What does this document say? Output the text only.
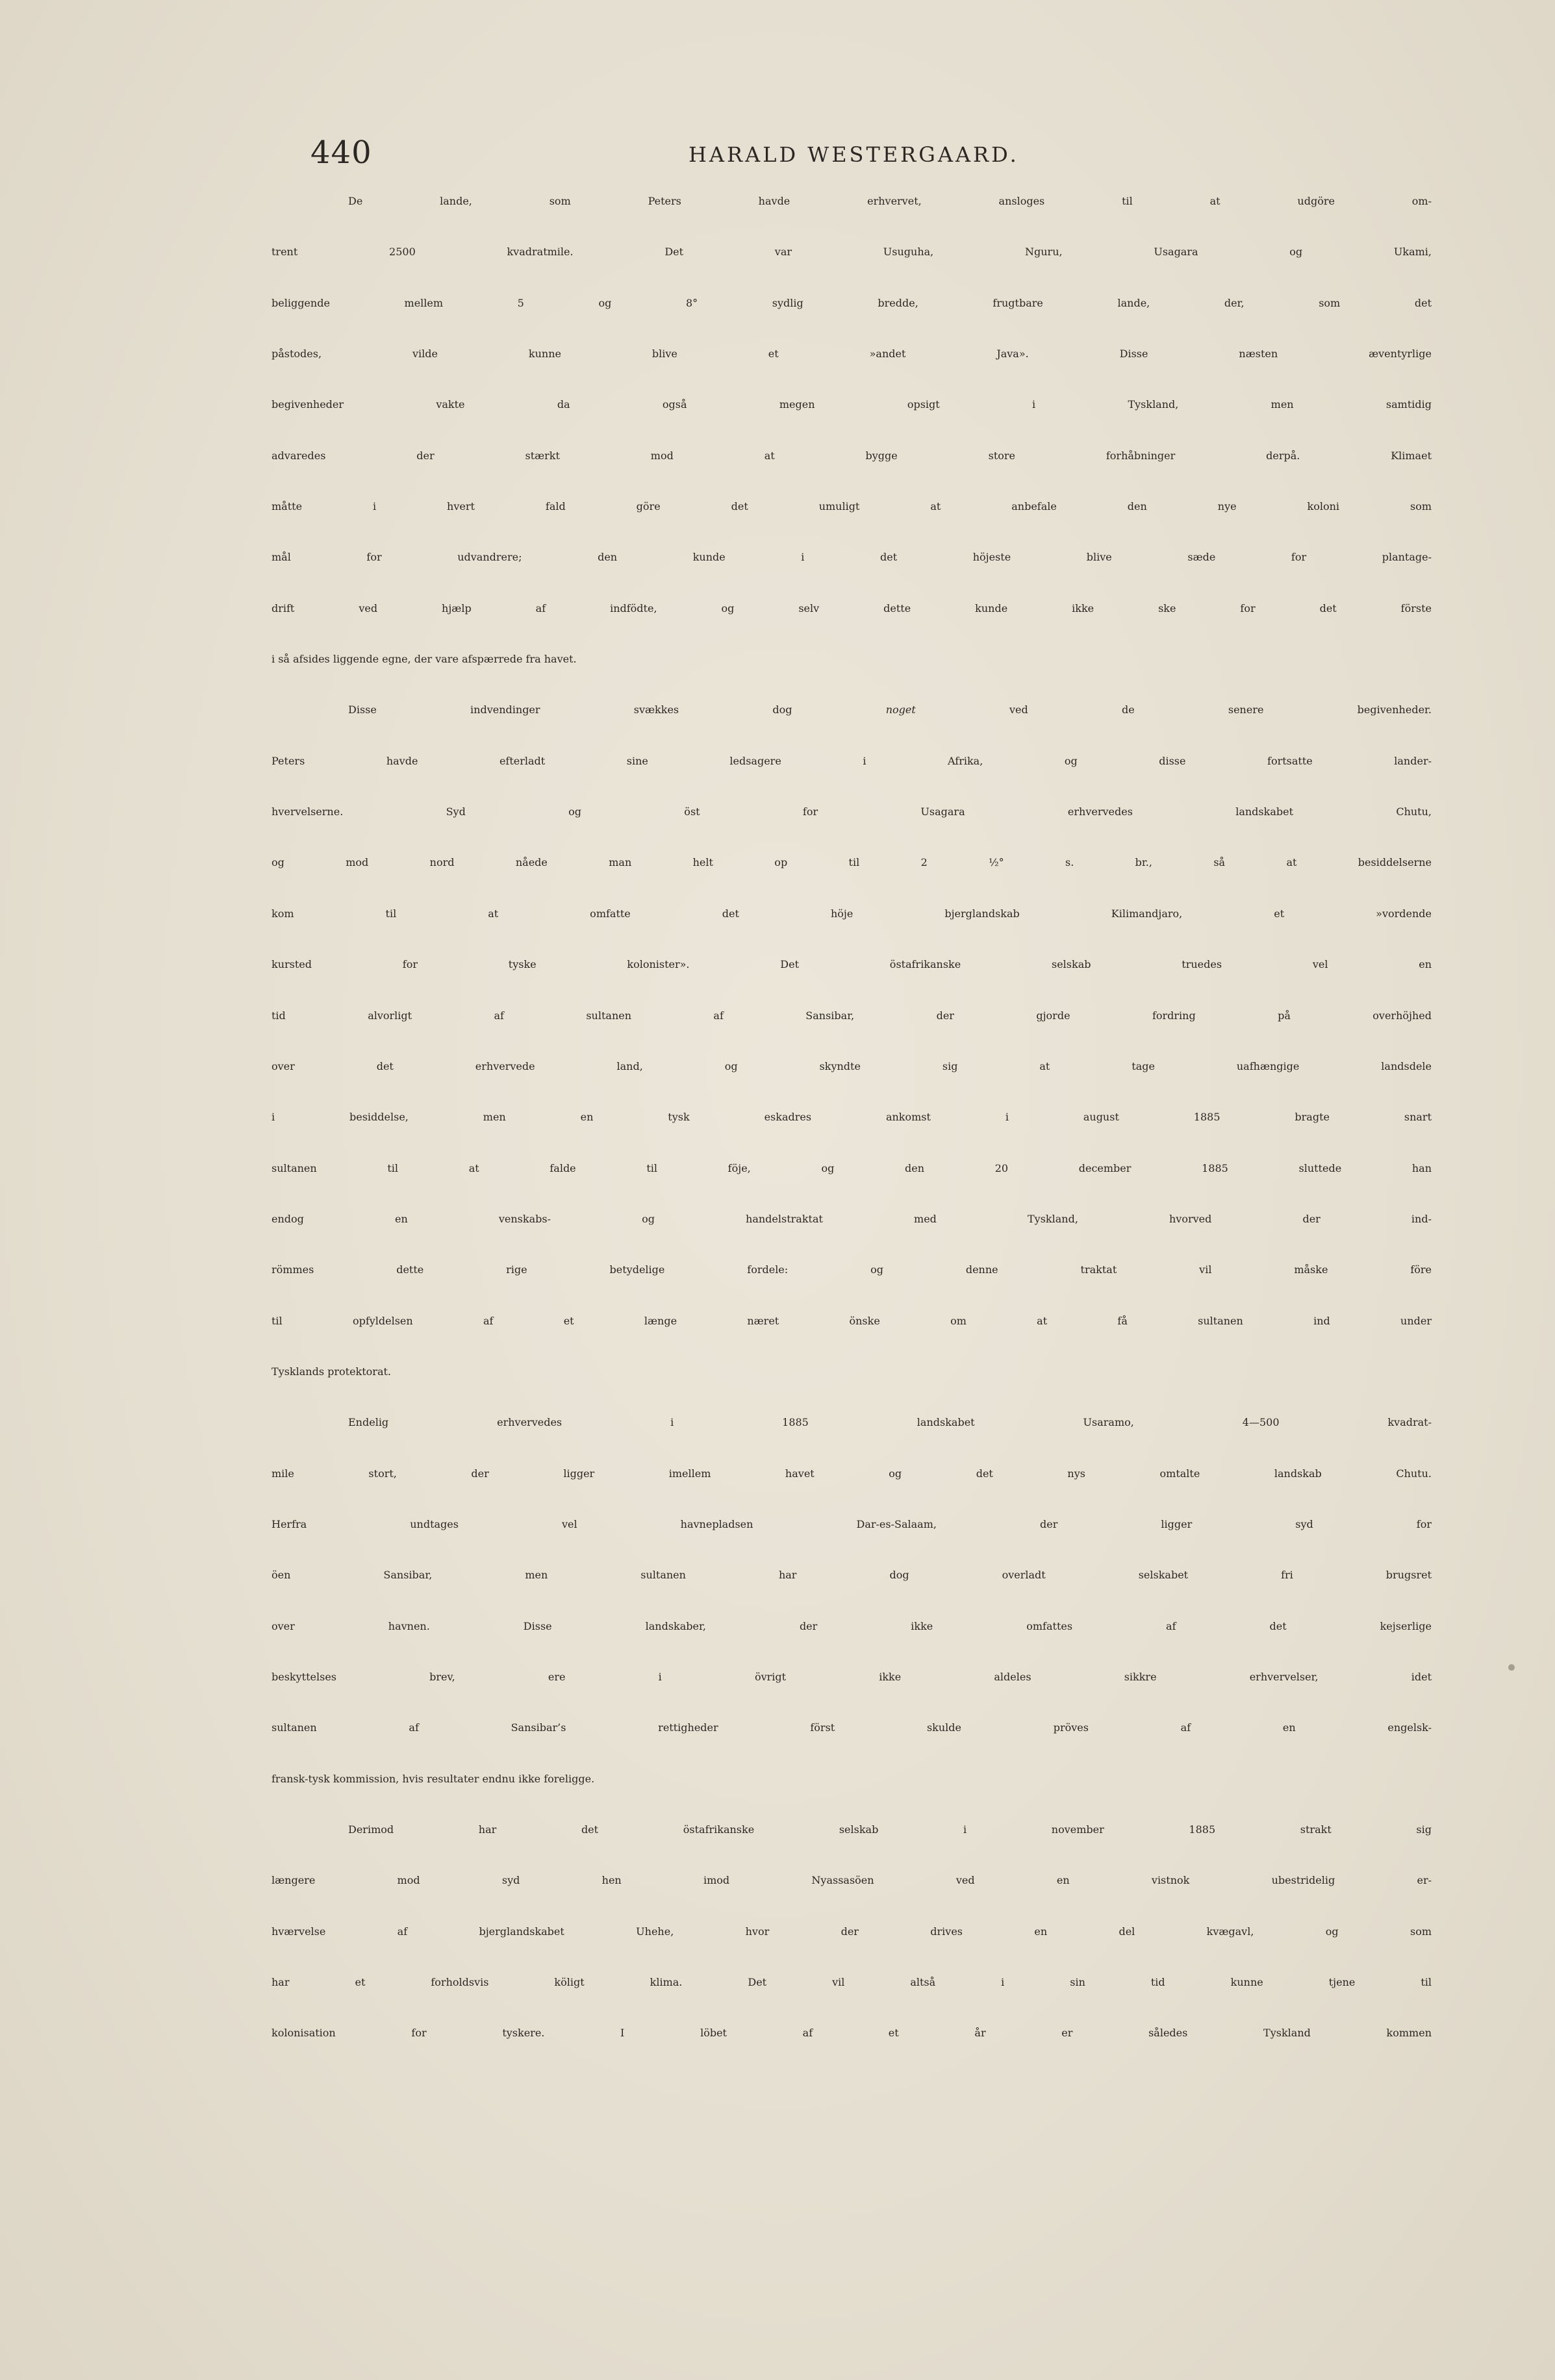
440	HARALD WESTERGAARD.
De lande, som Peters havde erhvervet, ansloges til at udgöre om-
trent 2500 kvadratmile. Det var Usuguha, Nguru, Usagara og Ukami,
beliggende mellem 5 og 8° sydlig bredde, frugtbare lande, der, som det
påstodes, vilde kunne blive et »andet Java». Disse næsten æventyrlige
begivenheder vakte da også megen opsigt i Tyskland, men samtidig
advaredes der stærkt mod at bygge store forhåbninger derpå. Klimaet
måtte i hvert fald göre det umuligt at anbefale den nye koloni som
mål for udvandrere; den kunde i det höjeste blive sæde for plantage-
drift ved hjælp af indfödte, og selv dette kunde ikke ske for det förste
i så afsides liggende egne, der vare afspærrede fra havet.
Disse indvendinger svækkes dog noget ved de senere begivenheder.
Peters havde efterladt sine ledsagere i Afrika, og disse fortsatte lander-
hvervelserne. Syd og öst for Usagara erhvervedes landskabet Chutu,
og mod nord nåede man helt op til 2 ½° s. br., så at besiddelserne
kom til at omfatte det höje bjerglandskab Kilimandjaro, et »vordende
kursted for tyske kolonister». Det östafrikanske selskab truedes vel en
tid alvorligt af sultanen af Sansibar, der gjorde fordring på overhöjhed
over det erhvervede land, og skyndte sig at tage uafhængige landsdele
i besiddelse, men en tysk eskadres ankomst i august 1885 bragte snart
sultanen til at falde til föje, og den 20 december 1885 sluttede han
endog en venskabs- og handelstraktat med Tyskland, hvorved der ind-
römmes dette rige betydelige fordele: og denne traktat vil måske före
til opfyldelsen af et længe næret önske om at få sultanen ind under
Tysklands protektorat.
Endelig erhvervedes i 1885 landskabet Usaramo, 4—500 kvadrat-
mile stort, der ligger imellem havet og det nys omtalte landskab Chutu.
Herfra undtages vel havnepladsen Dar-es-Salaam, der ligger syd for
öen Sansibar, men sultanen har dog overladt selskabet fri brugsret
over havnen. Disse landskaber, der ikke omfattes af det kejserlige
beskyttelses brev, ere i övrigt ikke aldeles sikkre erhvervelser, idet
sultanen af Sansibar’s rettigheder först skulde pröves af en engelsk-
fransk-tysk kommission, hvis resultater endnu ikke foreligge.
Derimod har det östafrikanske selskab i november 1885 strakt sig
længere mod syd hen imod Nyassasöen ved en vistnok ubestridelig er-
hværvelse af bjerglandskabet Uhehe, hvor der drives en del kvægavl, og som
har et forholdsvis köligt klima. Det vil altså i sin tid kunne tjene til
kolonisation for tyskere. I löbet af et år er således Tyskland kommen
